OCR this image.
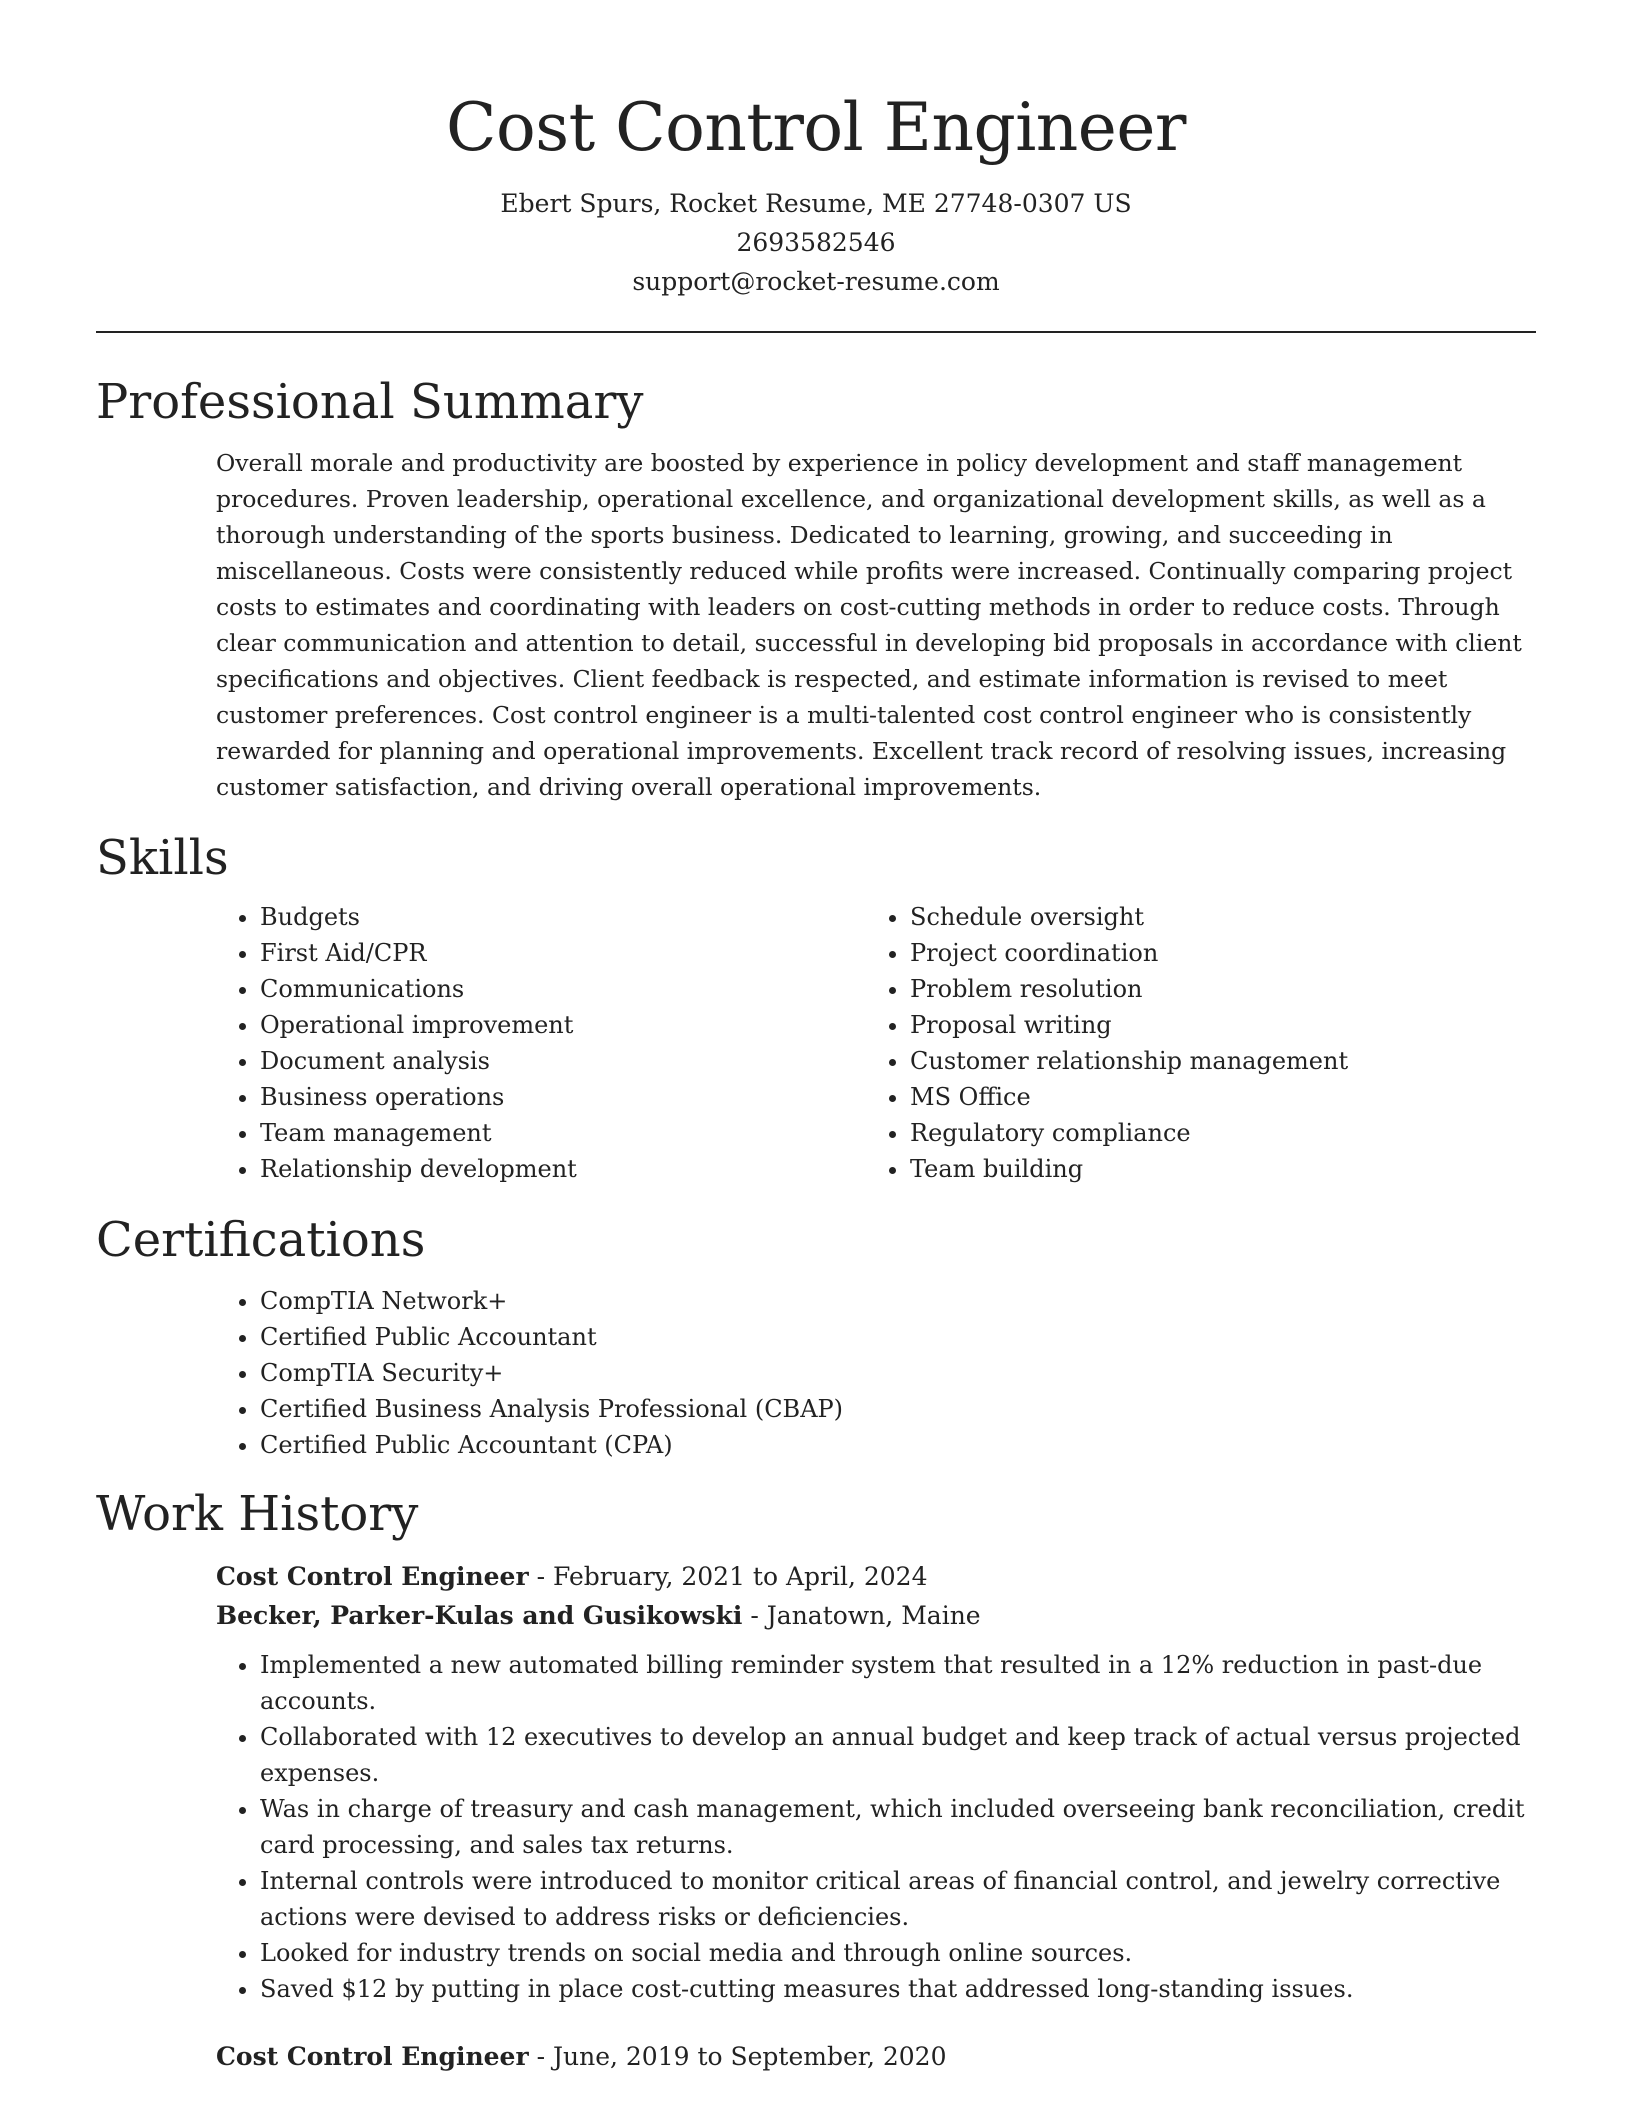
Cost Control Engineer
Ebert Spurs, Rocket Resume, ME 27748-0307 US
2693582546
support@rocket-resume.com
Professional Summary
Overall morale and productivity are boosted by experience in policy development and staff management procedures. Proven leadership, operational excellence, and organizational development skills, as well as a thorough understanding of the sports business. Dedicated to learning, growing, and succeeding in miscellaneous. Costs were consistently reduced while profits were increased. Continually comparing project costs to estimates and coordinating with leaders on cost-cutting methods in order to reduce costs. Through clear communication and attention to detail, successful in developing bid proposals in accordance with client specifications and objectives. Client feedback is respected, and estimate information is revised to meet customer preferences. Cost control engineer is a multi-talented cost control engineer who is consistently rewarded for planning and operational improvements. Excellent track record of resolving issues, increasing customer satisfaction, and driving overall operational improvements.
Skills
• Budgets
• First Aid/CPR
• Communications
• Operational improvement
• Document analysis
• Business operations
• Team management
• Relationship development
• Schedule oversight
• Project coordination
• Problem resolution
• Proposal writing
• Customer relationship management
• MS Office
• Regulatory compliance
• Team building
Certifications
• CompTIA Network+
• Certified Public Accountant
• CompTIA Security+
• Certified Business Analysis Professional (CBAP)
• Certified Public Accountant (CPA)
Work History
Cost Control Engineer - February, 2021 to April, 2024
Becker, Parker-Kulas and Gusikowski - Janatown, Maine
• Implemented a new automated billing reminder system that resulted in a 12% reduction in past-due accounts.
• Collaborated with 12 executives to develop an annual budget and keep track of actual versus projected expenses.
• Was in charge of treasury and cash management, which included overseeing bank reconciliation, credit card processing, and sales tax returns.
• Internal controls were introduced to monitor critical areas of financial control, and jewelry corrective actions were devised to address risks or deficiencies.
• Looked for industry trends on social media and through online sources.
• Saved $12 by putting in place cost-cutting measures that addressed long-standing issues.
Cost Control Engineer - June, 2019 to September, 2020
